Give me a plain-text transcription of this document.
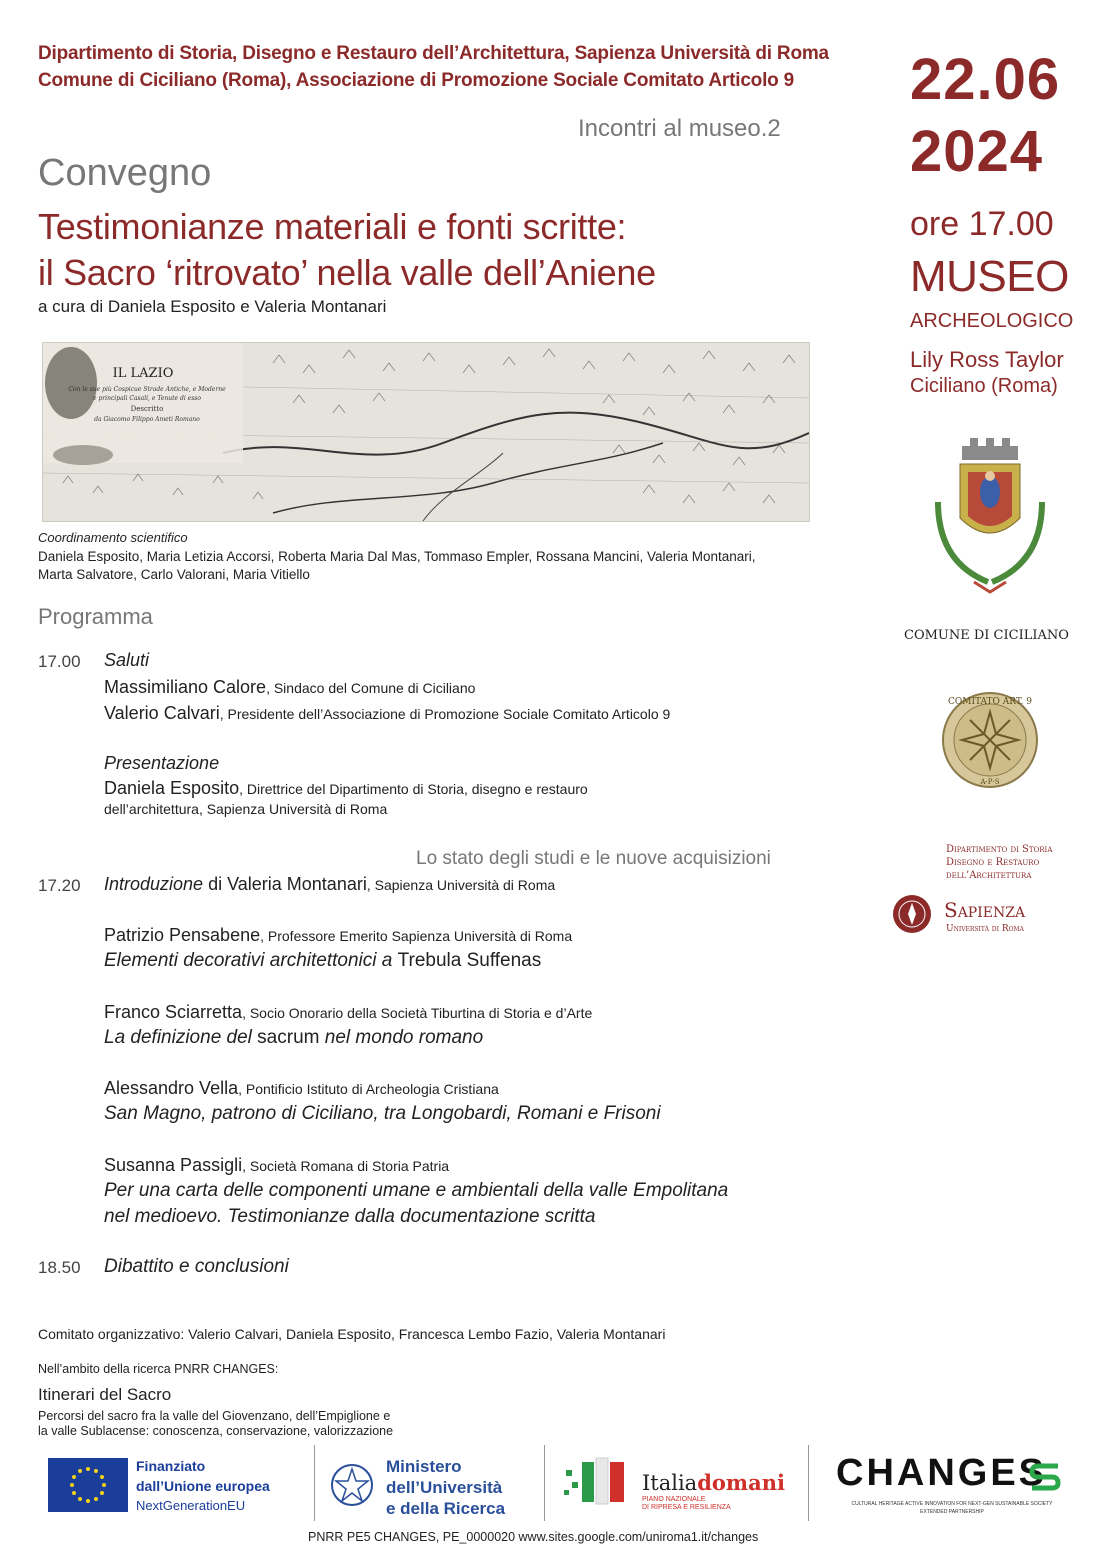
Dipartimento di Storia, Disegno e Restauro dell’Architettura, Sapienza Università di Roma
Comune di Ciciliano (Roma), Associazione di Promozione Sociale Comitato Articolo 9
Incontri al museo.2
Convegno
Testimonianze materiali e fonti scritte:
il Sacro ‘ritrovato’ nella valle dell’Aniene
a cura di Daniela Esposito e Valeria Montanari
IL LAZIO
Con le sue più Cospicue Strade Antiche, e Moderne
e principali Casali, e Tenute di esso
Descritto
da Giacomo Filippo Ameti Romano
Coordinamento scientifico
Daniela Esposito, Maria Letizia Accorsi, Roberta Maria Dal Mas, Tommaso Empler, Rossana Mancini, Valeria Montanari,
Marta Salvatore, Carlo Valorani, Maria Vitiello
Programma
17.00 Saluti
Massimiliano Calore, Sindaco del Comune di Ciciliano
Valerio Calvari, Presidente dell’Associazione di Promozione Sociale Comitato Articolo 9
Presentazione
Daniela Esposito, Direttrice del Dipartimento di Storia, disegno e restauro
dell’architettura, Sapienza Università di Roma
Lo stato degli studi e le nuove acquisizioni
17.20 Introduzione di Valeria Montanari, Sapienza Università di Roma
Patrizio Pensabene, Professore Emerito Sapienza Università di Roma
Elementi decorativi architettonici a Trebula Suffenas
Franco Sciarretta, Socio Onorario della Società Tiburtina di Storia e d’Arte
La definizione del sacrum nel mondo romano
Alessandro Vella, Pontificio Istituto di Archeologia Cristiana
San Magno, patrono di Ciciliano, tra Longobardi, Romani e Frisoni
Susanna Passigli, Società Romana di Storia Patria
Per una carta delle componenti umane e ambientali della valle Empolitana
nel medioevo. Testimonianze dalla documentazione scritta
18.50 Dibattito e conclusioni
Comitato organizzativo: Valerio Calvari, Daniela Esposito, Francesca Lembo Fazio, Valeria Montanari
Nell’ambito della ricerca PNRR CHANGES:
Itinerari del Sacro
Percorsi del sacro fra la valle del Giovenzano, dell’Empiglione e
la valle Sublacense: conoscenza, conservazione, valorizzazione
22.06
2024
ore 17.00
MUSEO
ARCHEOLOGICO
Lily Ross Taylor
Ciciliano (Roma)
COMUNE DI CICILIANO
COMITATO ART. 9
A·P·S
Dipartimento di Storia
Disegno e Restauro
dell’Architettura
Sapienza
Università di Roma
Finanziato
dall’Unione europea
NextGenerationEU
Ministero
dell’Università
e della Ricerca
Italiadomani
PIANO NAZIONALE
DI RIPRESA E RESILIENZA
CHANGES
CULTURAL HERITAGE ACTIVE INNOVATION FOR NEXT-GEN SUSTAINABLE SOCIETY
EXTENDED PARTNERSHIP
PNRR PE5 CHANGES, PE_0000020 www.sites.google.com/uniroma1.it/changes
